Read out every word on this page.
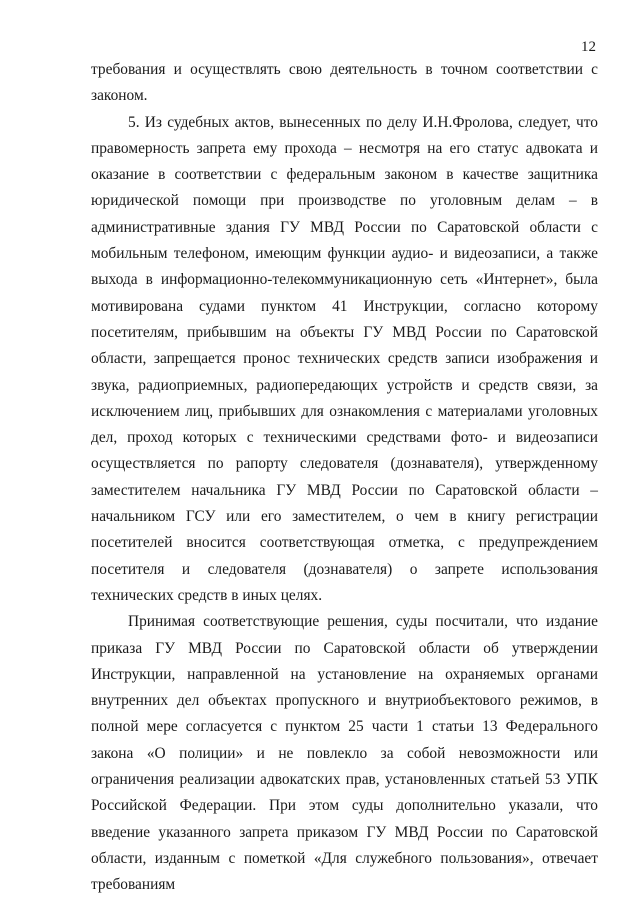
12

требования и осуществлять свою деятельность в точном соответствии с законом.

5. Из судебных актов, вынесенных по делу И.Н.Фролова, следует, что правомерность запрета ему прохода – несмотря на его статус адвоката и оказание в соответствии с федеральным законом в качестве защитника юридической помощи при производстве по уголовным делам – в административные здания ГУ МВД России по Саратовской области с мобильным телефоном, имеющим функции аудио- и видеозаписи, а также выхода в информационно-телекоммуникационную сеть «Интернет», была мотивирована судами пунктом 41 Инструкции, согласно которому посетителям, прибывшим на объекты ГУ МВД России по Саратовской области, запрещается пронос технических средств записи изображения и звука, радиоприемных, радиопередающих устройств и средств связи, за исключением лиц, прибывших для ознакомления с материалами уголовных дел, проход которых с техническими средствами фото- и видеозаписи осуществляется по рапорту следователя (дознавателя), утвержденному заместителем начальника ГУ МВД России по Саратовской области – начальником ГСУ или его заместителем, о чем в книгу регистрации посетителей вносится соответствующая отметка, с предупреждением посетителя и следователя (дознавателя) о запрете использования технических средств в иных целях.

Принимая соответствующие решения, суды посчитали, что издание приказа ГУ МВД России по Саратовской области об утверждении Инструкции, направленной на установление на охраняемых органами внутренних дел объектах пропускного и внутриобъектового режимов, в полной мере согласуется с пунктом 25 части 1 статьи 13 Федерального закона «О полиции» и не повлекло за собой невозможности или ограничения реализации адвокатских прав, установленных статьей 53 УПК Российской Федерации. При этом суды дополнительно указали, что введение указанного запрета приказом ГУ МВД России по Саратовской области, изданным с пометкой «Для служебного пользования», отвечает требованиям
